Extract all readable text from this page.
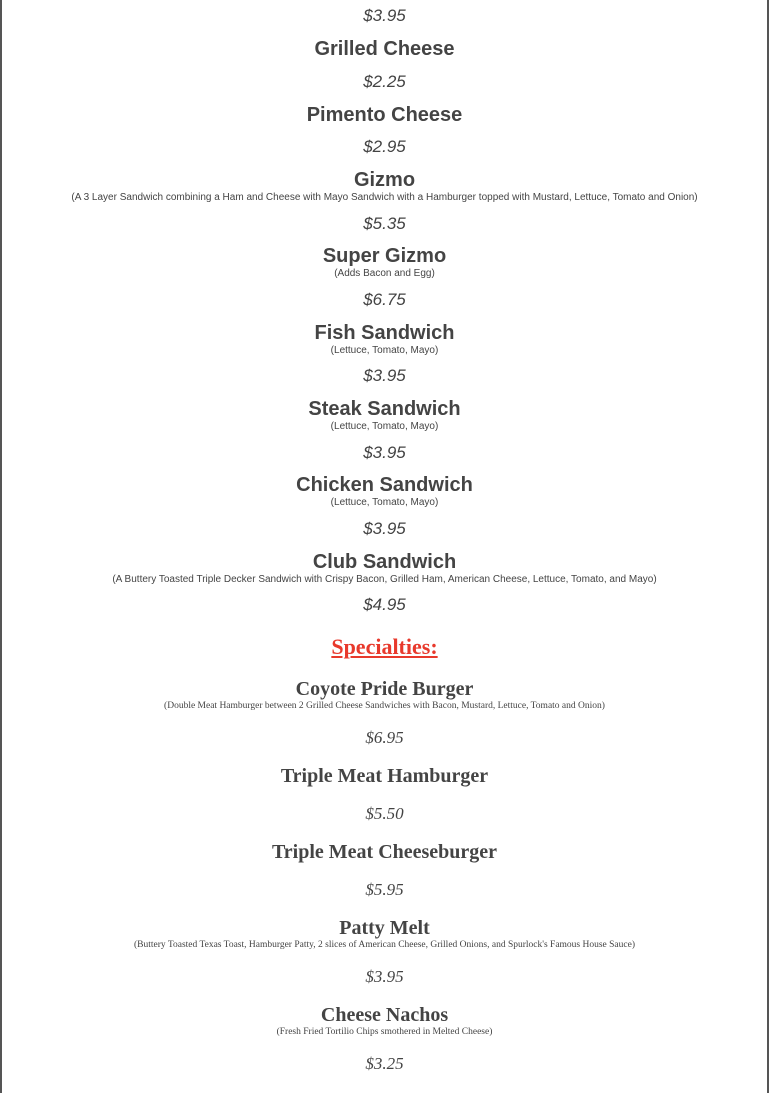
$3.95

Grilled Cheese

$2.25

Pimento Cheese

$2.95

Gizmo

(A 3 Layer Sandwich combining a Ham and Cheese with Mayo Sandwich with a Hamburger topped with Mustard, Lettuce, Tomato and Onion)

$5.35

Super Gizmo

(Adds Bacon and Egg)

$6.75

Fish Sandwich

(Lettuce, Tomato, Mayo)

$3.95

Steak Sandwich

(Lettuce, Tomato, Mayo)

$3.95

Chicken Sandwich

(Lettuce, Tomato, Mayo)

$3.95

Club Sandwich

(A Buttery Toasted Triple Decker Sandwich with Crispy Bacon, Grilled Ham, American Cheese, Lettuce, Tomato, and Mayo)

$4.95

Specialties:

Coyote Pride Burger

(Double Meat Hamburger between 2 Grilled Cheese Sandwiches with Bacon, Mustard, Lettuce, Tomato and Onion)

$6.95

Triple Meat Hamburger

$5.50

Triple Meat Cheeseburger

$5.95

Patty Melt

(Buttery Toasted Texas Toast, Hamburger Patty, 2 slices of American Cheese, Grilled Onions, and Spurlock's Famous House Sauce)

$3.95

Cheese Nachos

(Fresh Fried Tortilio Chips smothered in Melted Cheese)

$3.25
